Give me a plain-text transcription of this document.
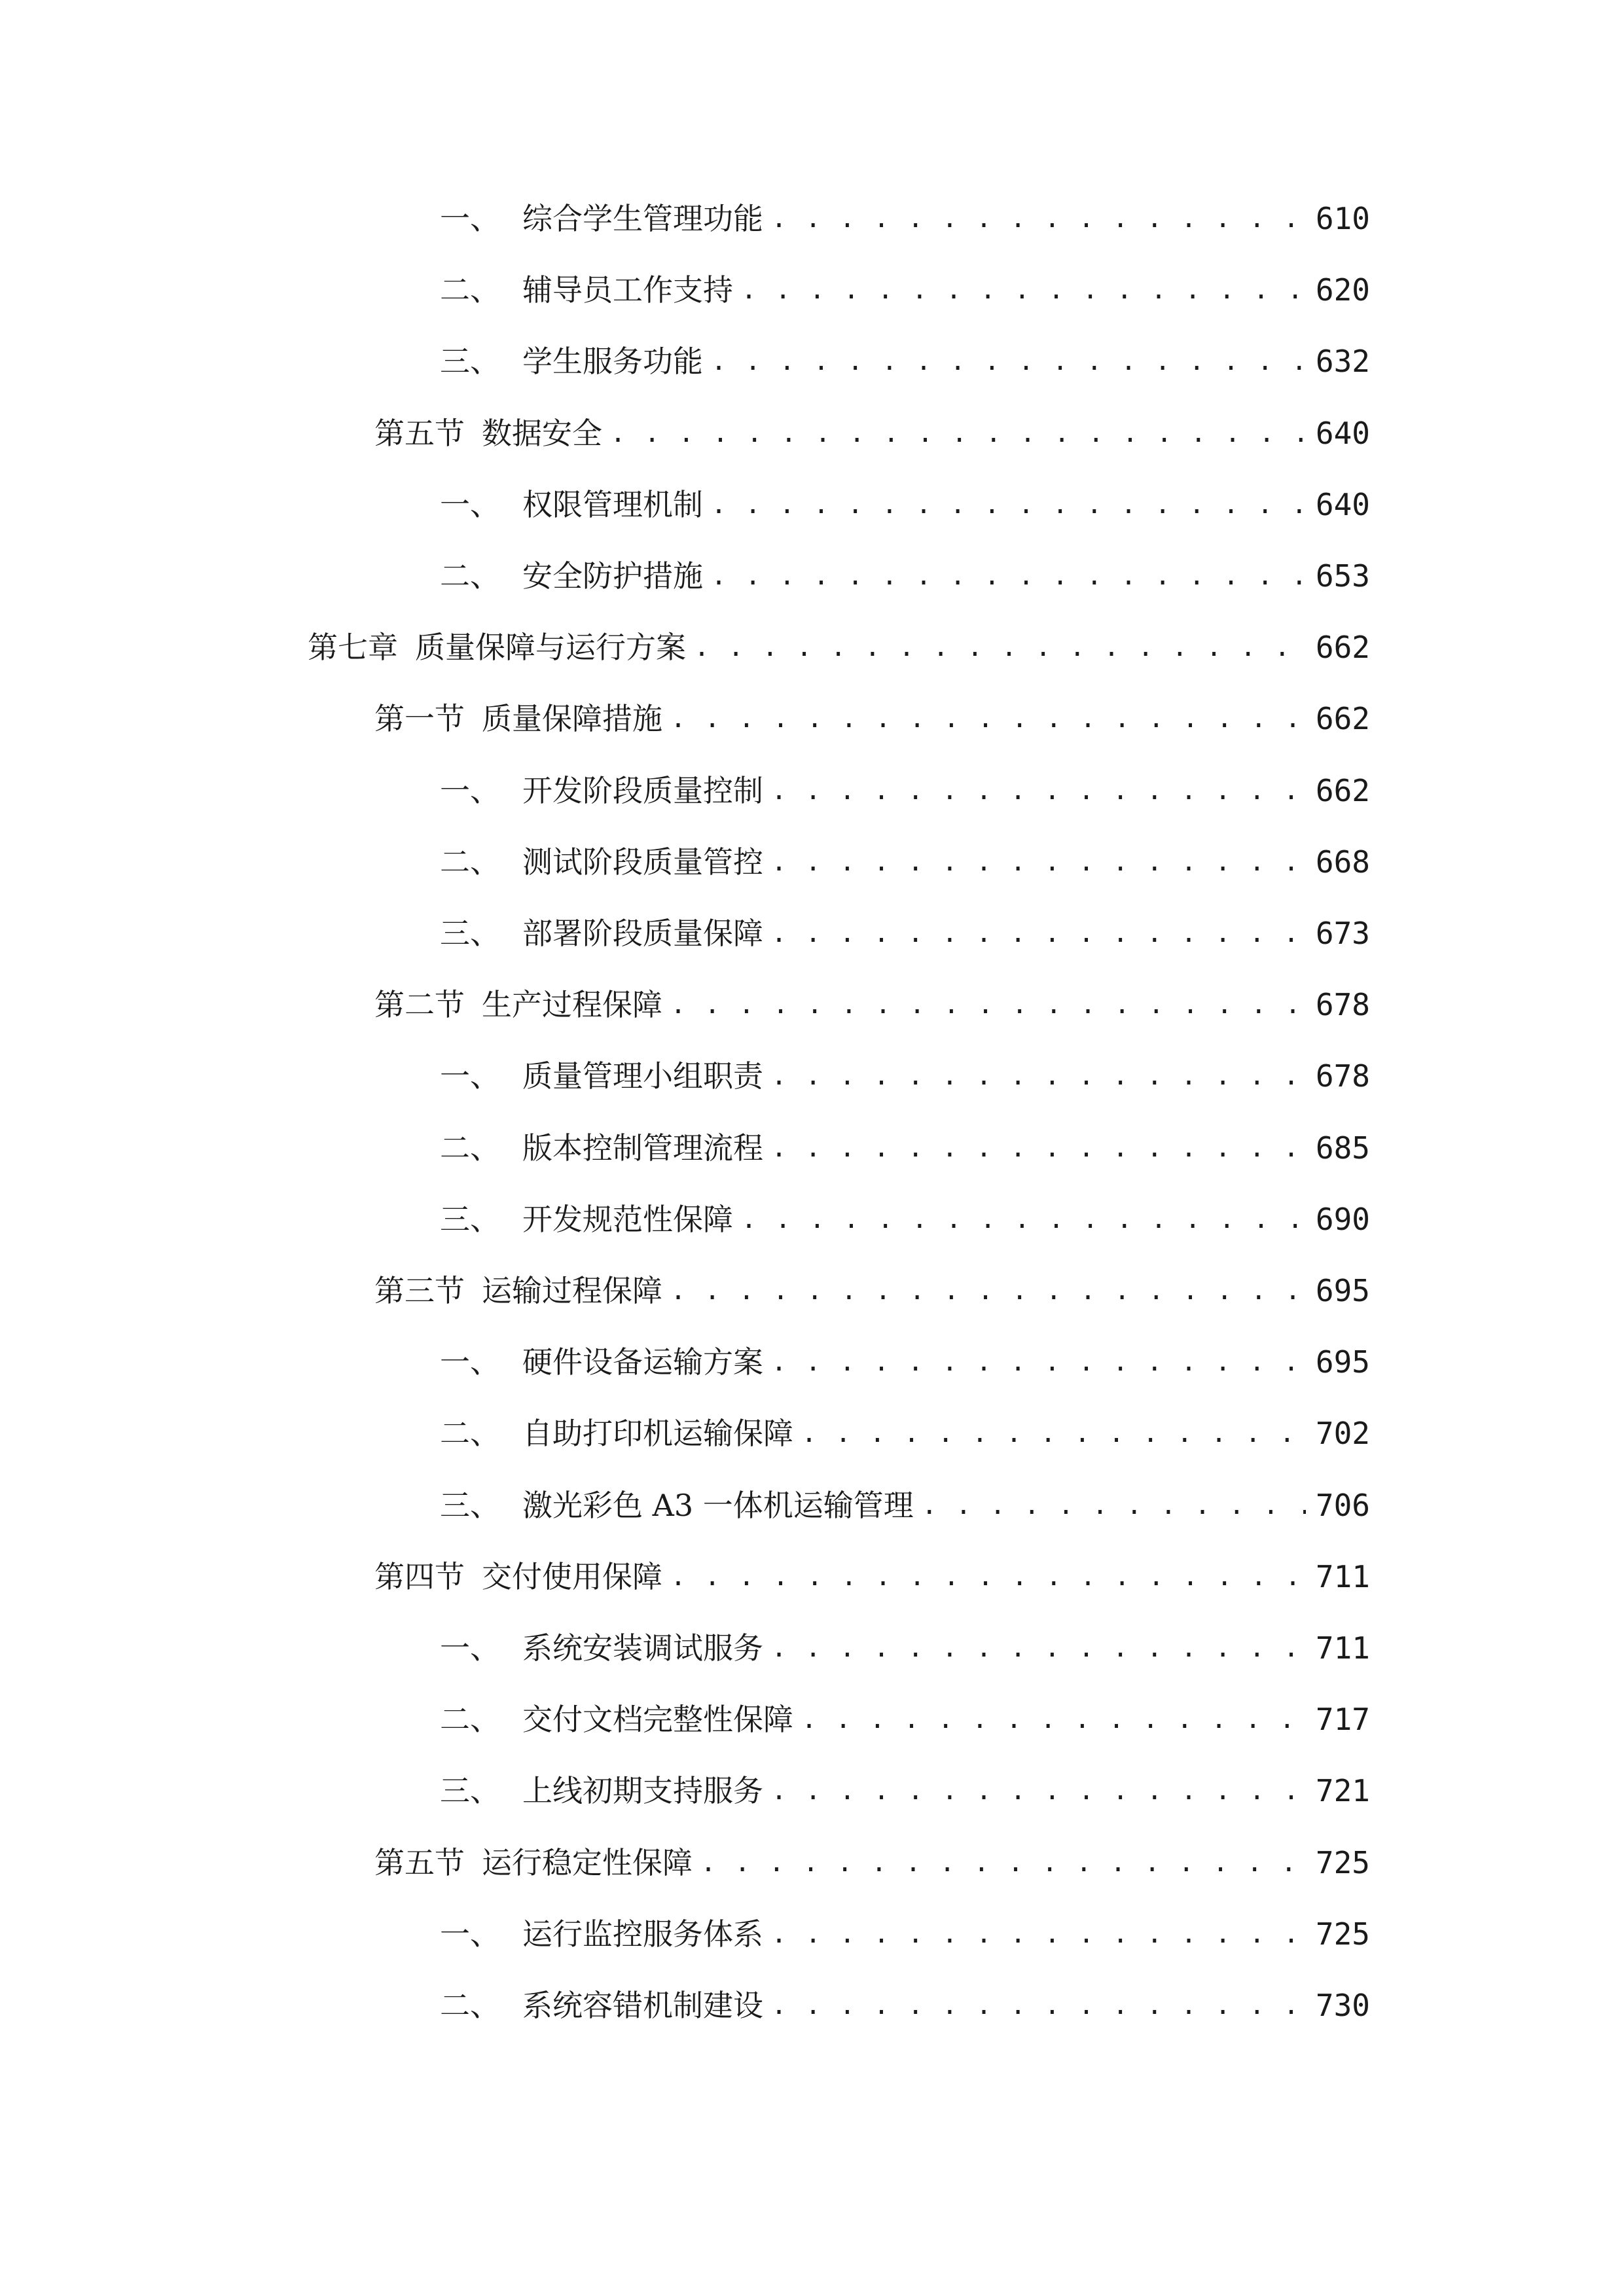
一、 综合学生管理功能 . . .	610
二、 辅导员工作支持 . . .	620
三、 学生服务功能 . . .	632
第五节 数据安全 . . .	640
一、 权限管理机制 . . .	640
二、 安全防护措施 . . .	653
第七章 质量保障与运行方案 . . .	662
第一节 质量保障措施 . . .	662
一、 开发阶段质量控制 . . .	662
二、 测试阶段质量管控 . . .	668
三、 部署阶段质量保障 . . .	673
第二节 生产过程保障 . . .	678
一、 质量管理小组职责 . . .	678
二、 版本控制管理流程 . . .	685
三、 开发规范性保障 . . .	690
第三节 运输过程保障 . . .	695
一、 硬件设备运输方案 . . .	695
二、 自助打印机运输保障 . . .	702
三、 激光彩色 A3 一体机运输管理 . . .	706
第四节 交付使用保障 . . .	711
一、 系统安装调试服务 . . .	711
二、 交付文档完整性保障 . . .	717
三、 上线初期支持服务 . . .	721
第五节 运行稳定性保障 . . .	725
一、 运行监控服务体系 . . .	725
二、 系统容错机制建设 . . .	730
